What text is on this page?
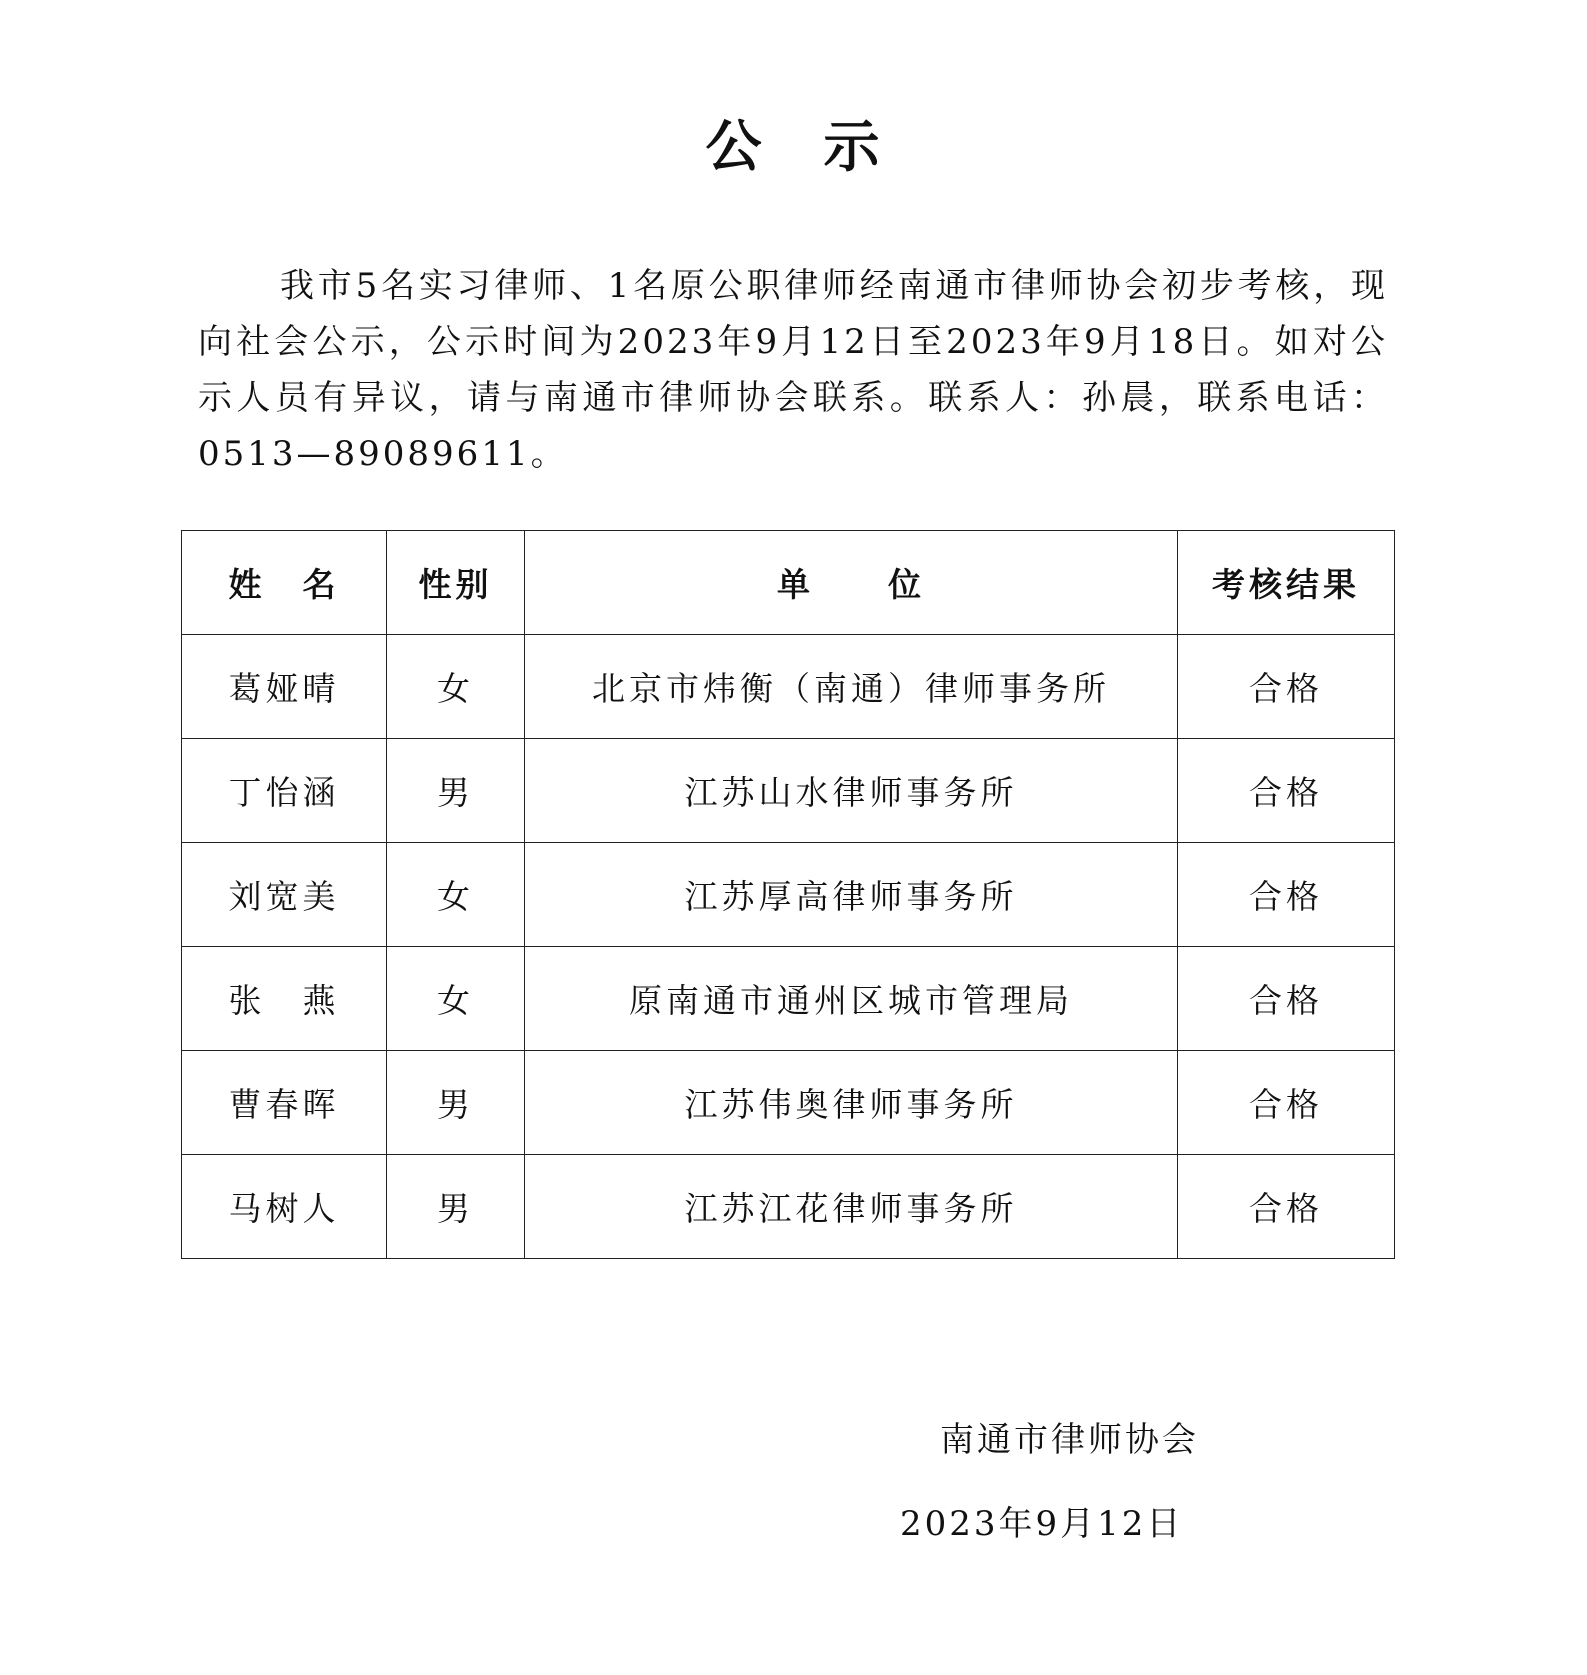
公 示

我市5名实习律师、1名原公职律师经南通市律师协会初步考核，现向社会公示，公示时间为2023年9月12日至2023年9月18日。如对公示人员有异议，请与南通市律师协会联系。联系人：孙晨，联系电话：0513—89089611。

姓　名	性别	单　　位	考核结果
葛娅晴	女	北京市炜衡（南通）律师事务所	合格
丁怡涵	男	江苏山水律师事务所	合格
刘宽美	女	江苏厚高律师事务所	合格
张　燕	女	原南通市通州区城市管理局	合格
曹春晖	男	江苏伟奥律师事务所	合格
马树人	男	江苏江花律师事务所	合格
南通市律师协会
2023年9月12日
